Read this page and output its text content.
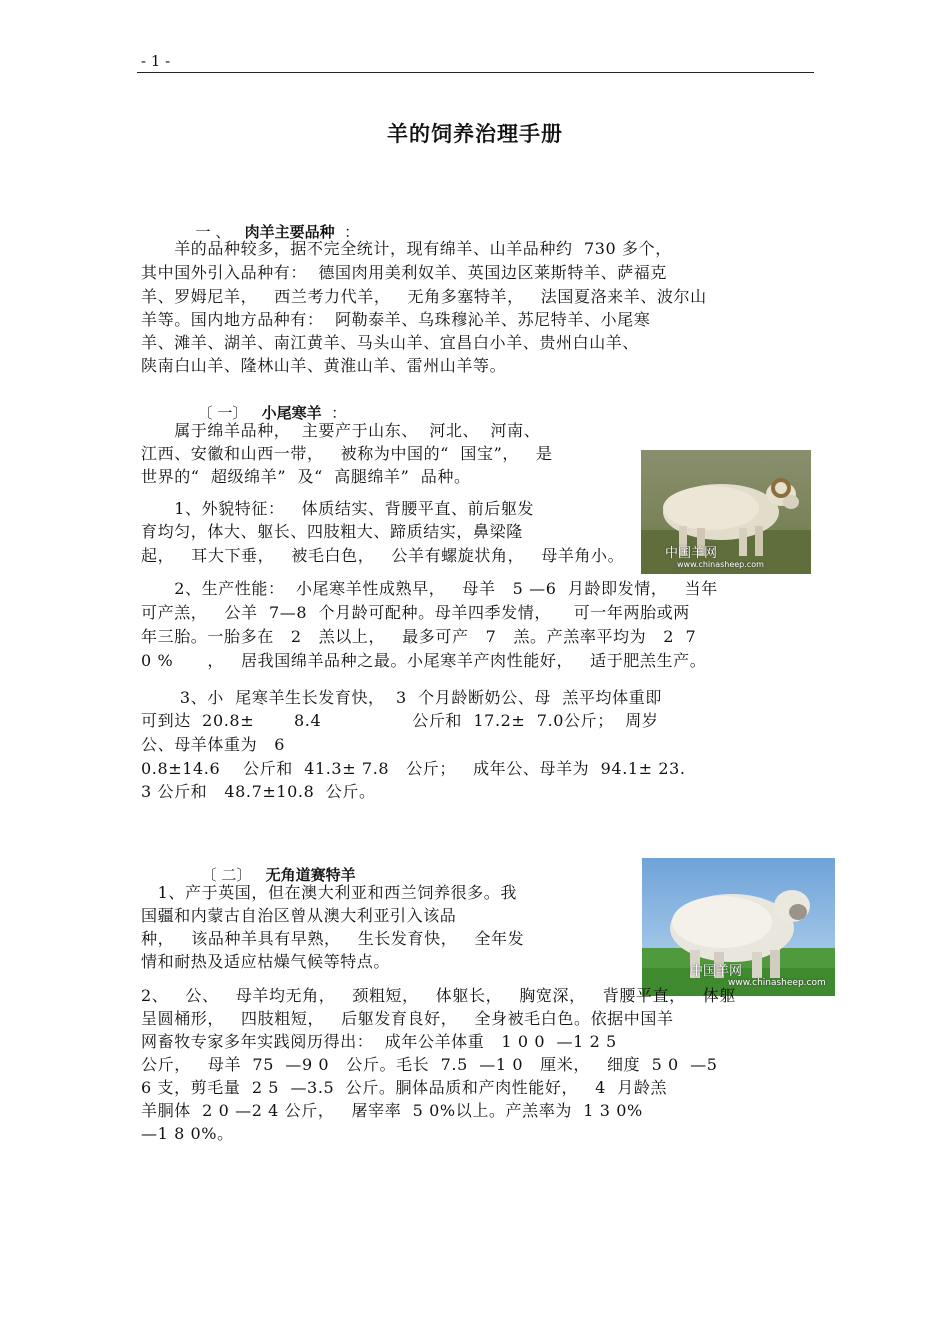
- 1 -
羊的饲养治理手册

一 、 肉羊主要品种 ：

　　羊的品种较多，据不完全统计，现有绵羊、山羊品种约  730 多个，
其中国外引入品种有：  德国肉用美利奴羊、英国边区莱斯特羊、萨福克
羊、罗姆尼羊，   西兰考力代羊，   无角多塞特羊，   法国夏洛来羊、波尔山
羊等。国内地方品种有：  阿勒泰羊、乌珠穆沁羊、苏尼特羊、小尾寒
羊、滩羊、湖羊、南江黄羊、马头山羊、宜昌白小羊、贵州白山羊、
陕南白山羊、隆林山羊、黄淮山羊、雷州山羊等。

〔 一〕 小尾寒羊 ：

　　属于绵羊品种，  主要产于山东、  河北、  河南、
江西、安徽和山西一带，   被称为中国的“  国宝”，   是
世界的“  超级绵羊”  及“  高腿绵羊”  品种。
　　1、外貌特征：   体质结实、背腰平直、前后躯发
育均匀，体大、躯长、四肢粗大、蹄质结实，鼻梁隆
起，   耳大下垂，   被毛白色，   公羊有螺旋状角，   母羊角小。	中国羊网
www.chinasheep.com
　　2、生产性能：  小尾寒羊性成熟早，   母羊   5 —6  月龄即发情，   当年
可产羔，   公羊  7—8  个月龄可配种。母羊四季发情，    可一年两胎或两
年三胎。一胎多在   2   羔以上，   最多可产   7   羔。产羔率平均为   2  7
0 %      ，   居我国绵羊品种之最。小尾寒羊产肉性能好，   适于肥羔生产。
　　 3、小  尾寒羊生长发育快，  3  个月龄断奶公、母  羔平均体重即
可到达  20.8±       8.4                公斤和  17.2±  7.0公斤；  周岁
公、母羊体重为   6
0.8±14.6    公斤和  41.3± 7.8   公斤；   成年公、母羊为  94.1± 23.
3 公斤和   48.7±10.8  公斤。

〔 二〕 无角道赛特羊

中国羊网
www.chinasheep.com
　1、产于英国，但在澳大利亚和西兰饲养很多。我
国疆和内蒙古自治区曾从澳大利亚引入该品
种，   该品种羊具有早熟，   生长发育快，   全年发
情和耐热及适应枯燥气候等特点。
2、   公、   母羊均无角，   颈粗短，   体躯长，   胸宽深，   背腰平直，   体躯
呈圆桶形，   四肢粗短，   后躯发育良好，   全身被毛白色。依据中国羊
网畜牧专家多年实践阅历得出：  成年公羊体重   1 0 0  —1 2 5
公斤，   母羊  75  —9 0   公斤。毛长  7.5  —1 0   厘米，   细度  5 0  —5
6 支，剪毛量  2 5  —3.5  公斤。胴体品质和产肉性能好，   4  月龄羔
羊胴体  2 0 —2 4 公斤，   屠宰率  5 0%以上。产羔率为  1 3 0%
—1 8 0%。
